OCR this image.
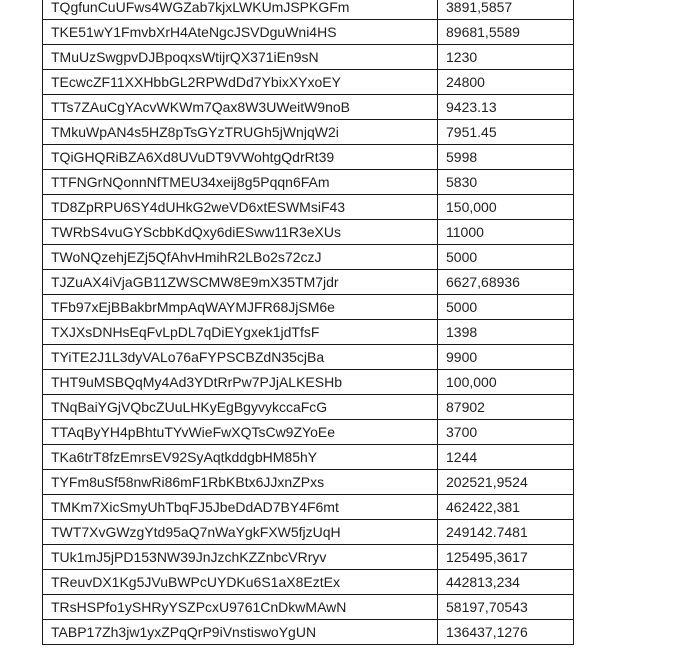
TQgfunCuUFws4WGZab7kjxLWKUmJSPKGFm	3891,5857
TKE51wY1FmvbXrH4AteNgcJSVDguWni4HS	89681,5589
TMuUzSwgpvDJBpoqxsWtijrQX371iEn9sN	1230
TEcwcZF11XXHbbGL2RPWdDd7YbixXYxoEY	24800
TTs7ZAuCgYAcvWKWm7Qax8W3UWeitW9noB	9423.13
TMkuWpAN4s5HZ8pTsGYzTRUGh5jWnjqW2i	7951.45
TQiGHQRiBZA6Xd8UVuDT9VWohtgQdrRt39	5998
TTFNGrNQonnNfTMEU34xeij8g5Pqqn6FAm	5830
TD8ZpRPU6SY4dUHkG2weVD6xtESWMsiF43	150,000
TWRbS4vuGYScbbKdQxy6diESww11R3eXUs	11000
TWoNQzehjEZj5QfAhvHmihR2LBo2s72czJ	5000
TJZuAX4iVjaGB11ZWSCMW8E9mX35TM7jdr	6627,68936
TFb97xEjBBakbrMmpAqWAYMJFR68JjSM6e	5000
TXJXsDNHsEqFvLpDL7qDiEYgxek1jdTfsF	1398
TYiTE2J1L3dyVALo76aFYPSCBZdN35cjBa	9900
THT9uMSBQqMy4Ad3YDtRrPw7PJjALKESHb	100,000
TNqBaiYGjVQbcZUuLHKyEgBgyvykccaFcG	87902
TTAqByYH4pBhtuTYvWieFwXQTsCw9ZYoEe	3700
TKa6trT8fzEmrsEV92SyAqtkddgbHM85hY	1244
TYFm8uSf58nwRi86mF1RbKBtx6JJxnZPxs	202521,9524
TMKm7XicSmyUhTbqFJ5JbeDdAD7BY4F6mt	462422,381
TWT7XvGWzgYtd95aQ7nWaYgkFXW5fjzUqH	249142.7481
TUk1mJ5jPD153NW39JnJzchKZZnbcVRryv	125495,3617
TReuvDX1Kg5JVuBWPcUYDKu6S1aX8EztEx	442813,234
TRsHSPfo1ySHRyYSZPcxU9761CnDkwMAwN	58197,70543
TABP17Zh3jw1yxZPqQrP9iVnstiswoYgUN	136437,1276
